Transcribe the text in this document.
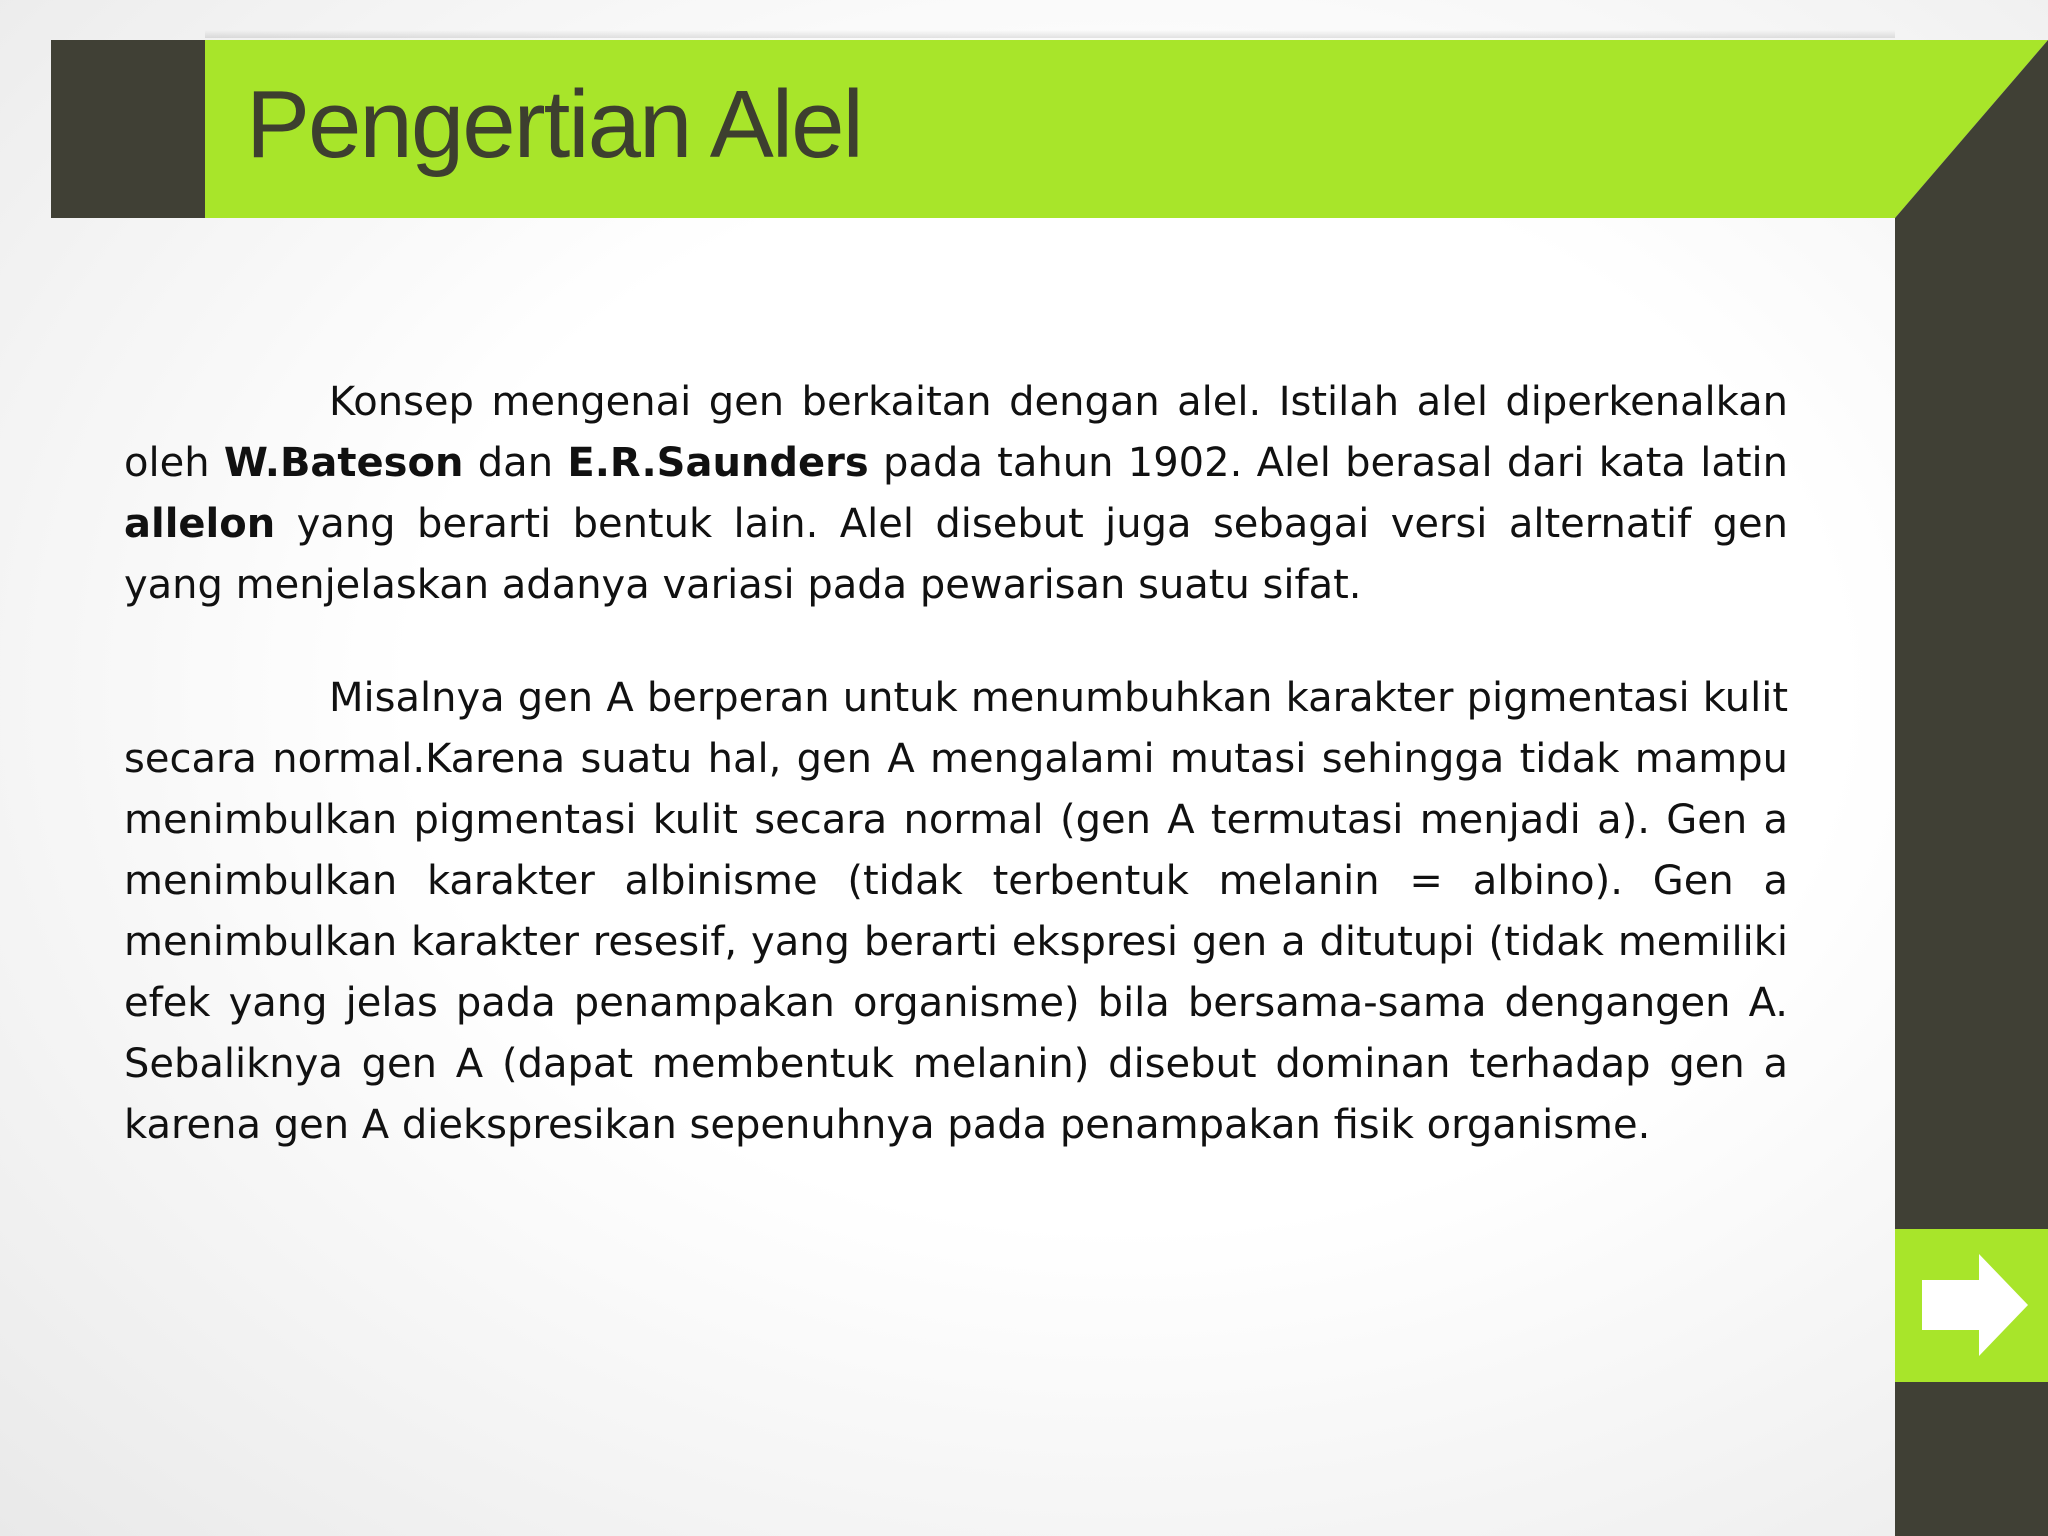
Pengertian Alel

Konsep mengenai gen berkaitan dengan alel. Istilah alel diperkenalkan oleh W.Bateson dan E.R.Saunders pada tahun 1902. Alel berasal dari kata latin allelon yang berarti bentuk lain. Alel disebut juga sebagai versi alternatif gen yang menjelaskan adanya variasi pada pewarisan suatu sifat.

Misalnya gen A berperan untuk menumbuhkan karakter pigmentasi kulit secara normal.Karena suatu hal, gen A mengalami mutasi sehingga tidak mampu menimbulkan pigmentasi kulit secara normal (gen A termutasi menjadi a). Gen a menimbulkan karakter albinisme (tidak terbentuk melanin = albino). Gen a menimbulkan karakter resesif, yang berarti ekspresi gen a ditutupi (tidak memiliki efek yang jelas pada penampakan organisme) bila bersama-sama dengangen A. Sebaliknya gen A (dapat membentuk melanin) disebut dominan terhadap gen a karena gen A diekspresikan sepenuhnya pada penampakan fisik organisme.
